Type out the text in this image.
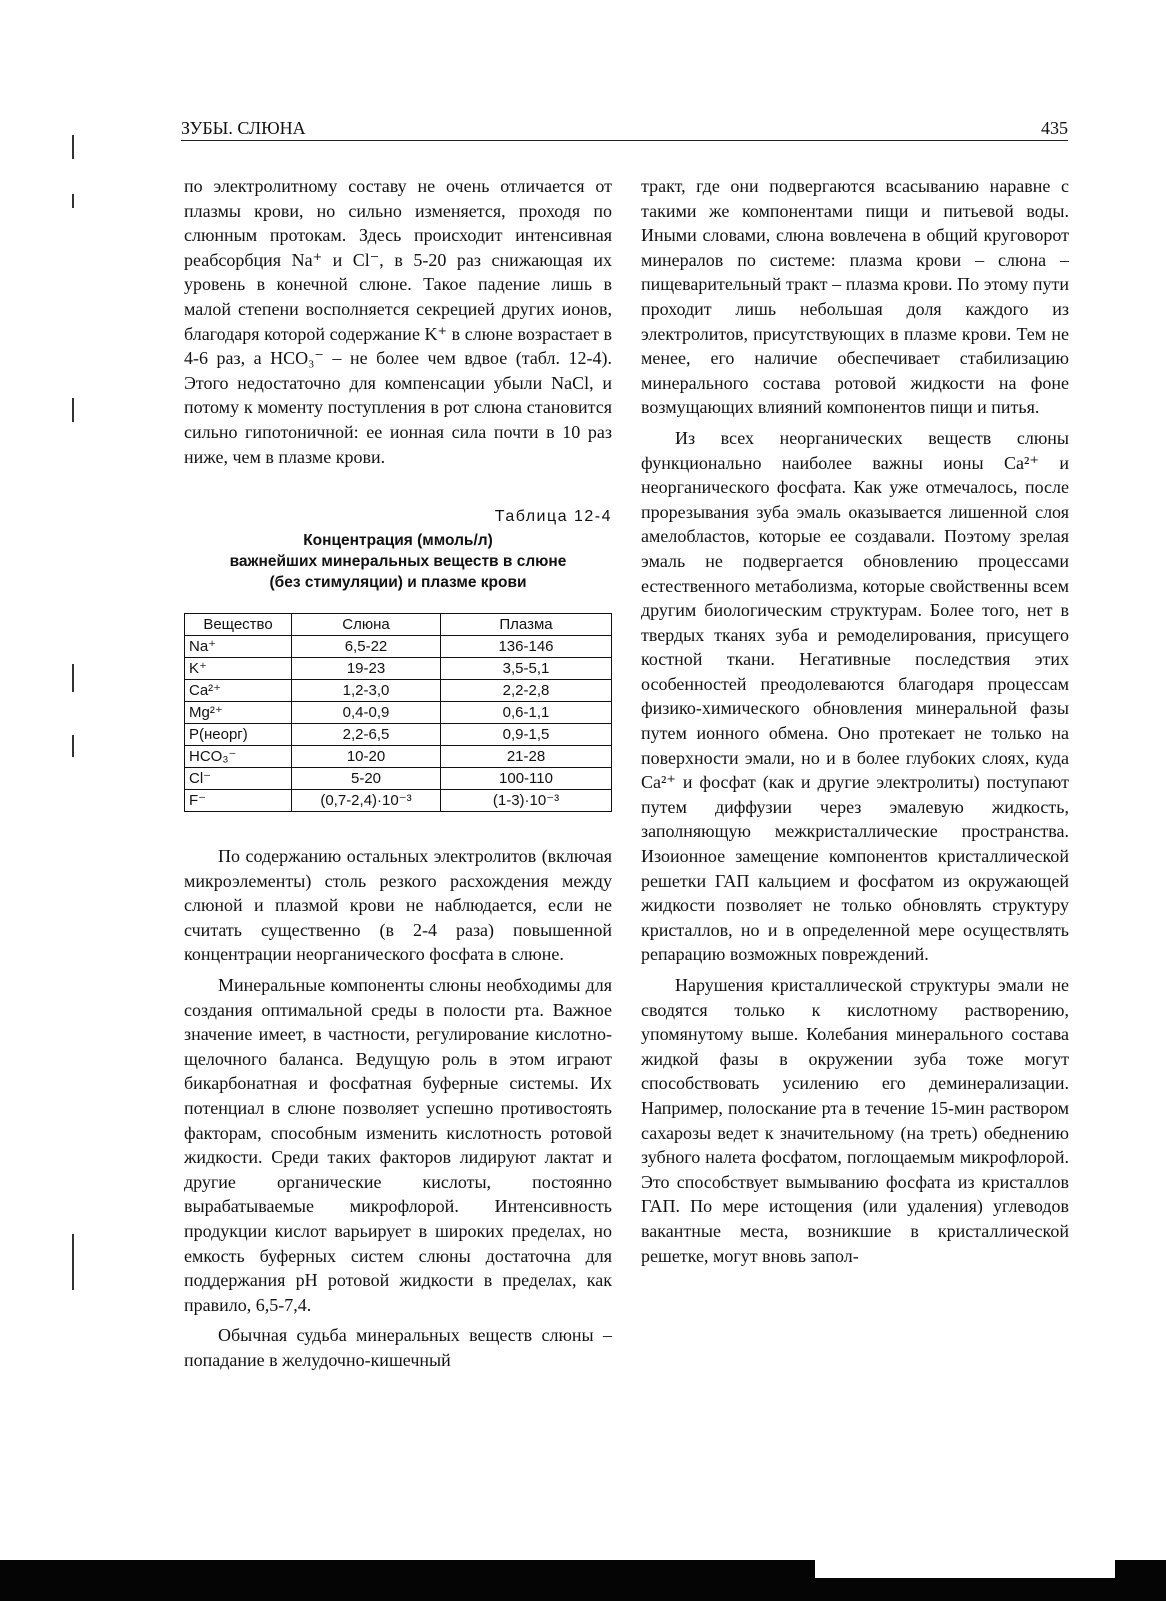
ЗУБЫ. СЛЮНА	435

по электролитному составу не очень отличается от плазмы крови, но сильно изменяется, проходя по слюнным протокам. Здесь происходит интенсивная реабсорбция Na⁺ и Cl⁻, в 5-20 раз снижающая их уровень в конечной слюне. Такое падение лишь в малой степени восполняется секрецией других ионов, благодаря которой содержание K⁺ в слюне возрастает в 4-6 раз, а HCO₃⁻ – не более чем вдвое (табл. 12-4). Этого недостаточно для компенсации убыли NaCl, и потому к моменту поступления в рот слюна становится сильно гипотоничной: ее ионная сила почти в 10 раз ниже, чем в плазме крови.

Таблица 12-4
Концентрация (ммоль/л)
важнейших минеральных веществ в слюне
(без стимуляции) и плазме крови
Вещество	Слюна	Плазма
Na⁺	6,5-22	136-146
K⁺	19-23	3,5-5,1
Ca²⁺	1,2-3,0	2,2-2,8
Mg²⁺	0,4-0,9	0,6-1,1
P(неорг)	2,2-6,5	0,9-1,5
HCO₃⁻	10-20	21-28
Cl⁻	5-20	100-110
F⁻	(0,7-2,4)·10⁻³	(1-3)·10⁻³

По содержанию остальных электролитов (включая микроэлементы) столь резкого расхождения между слюной и плазмой крови не наблюдается, если не считать существенно (в 2-4 раза) повышенной концентрации неорганического фосфата в слюне.

Минеральные компоненты слюны необходимы для создания оптимальной среды в полости рта. Важное значение имеет, в частности, регулирование кислотно-щелочного баланса. Ведущую роль в этом играют бикарбонатная и фосфатная буферные системы. Их потенциал в слюне позволяет успешно противостоять факторам, способным изменить кислотность ротовой жидкости. Среди таких факторов лидируют лактат и другие органические кислоты, постоянно вырабатываемые микрофлорой. Интенсивность продукции кислот варьирует в широких пределах, но емкость буферных систем слюны достаточна для поддержания pH ротовой жидкости в пределах, как правило, 6,5-7,4.

Обычная судьба минеральных веществ слюны – попадание в желудочно-кишечный

тракт, где они подвергаются всасыванию наравне с такими же компонентами пищи и питьевой воды. Иными словами, слюна вовлечена в общий круговорот минералов по системе: плазма крови – слюна – пищеварительный тракт – плазма крови. По этому пути проходит лишь небольшая доля каждого из электролитов, присутствующих в плазме крови. Тем не менее, его наличие обеспечивает стабилизацию минерального состава ротовой жидкости на фоне возмущающих влияний компонентов пищи и питья.

Из всех неорганических веществ слюны функционально наиболее важны ионы Ca²⁺ и неорганического фосфата. Как уже отмечалось, после прорезывания зуба эмаль оказывается лишенной слоя амелобластов, которые ее создавали. Поэтому зрелая эмаль не подвергается обновлению процессами естественного метаболизма, которые свойственны всем другим биологическим структурам. Более того, нет в твердых тканях зуба и ремоделирования, присущего костной ткани. Негативные последствия этих особенностей преодолеваются благодаря процессам физико-химического обновления минеральной фазы путем ионного обмена. Оно протекает не только на поверхности эмали, но и в более глубоких слоях, куда Ca²⁺ и фосфат (как и другие электролиты) поступают путем диффузии через эмалевую жидкость, заполняющую межкристаллические пространства. Изоионное замещение компонентов кристаллической решетки ГАП кальцием и фосфатом из окружающей жидкости позволяет не только обновлять структуру кристаллов, но и в определенной мере осуществлять репарацию возможных повреждений.

Нарушения кристаллической структуры эмали не сводятся только к кислотному растворению, упомянутому выше. Колебания минерального состава жидкой фазы в окружении зуба тоже могут способствовать усилению его деминерализации. Например, полоскание рта в течение 15-мин раствором сахарозы ведет к значительному (на треть) обеднению зубного налета фосфатом, поглощаемым микрофлорой. Это способствует вымыванию фосфата из кристаллов ГАП. По мере истощения (или удаления) углеводов вакантные места, возникшие в кристаллической решетке, могут вновь запол-
